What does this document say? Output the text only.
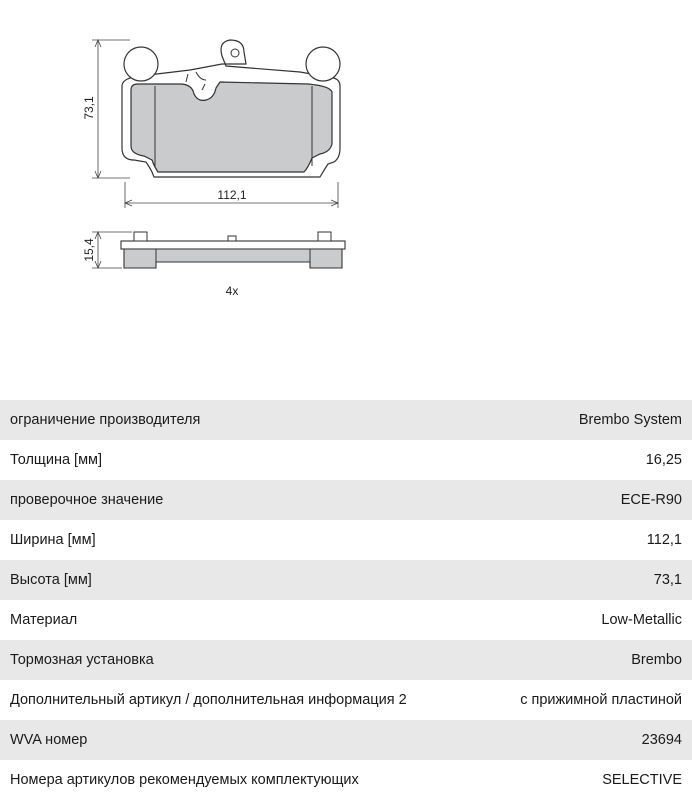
73,1
112,1
15,4
4x
ограничение производителя	Brembo System
Толщина [мм]	16,25
проверочное значение	ECE-R90
Ширина [мм]	112,1
Высота [мм]	73,1
Материал	Low-Metallic
Тормозная установка	Brembo
Дополнительный артикул / дополнительная информация 2	с прижимной пластиной
WVA номер	23694
Номера артикулов рекомендуемых комплектующих	SELECTIVE
